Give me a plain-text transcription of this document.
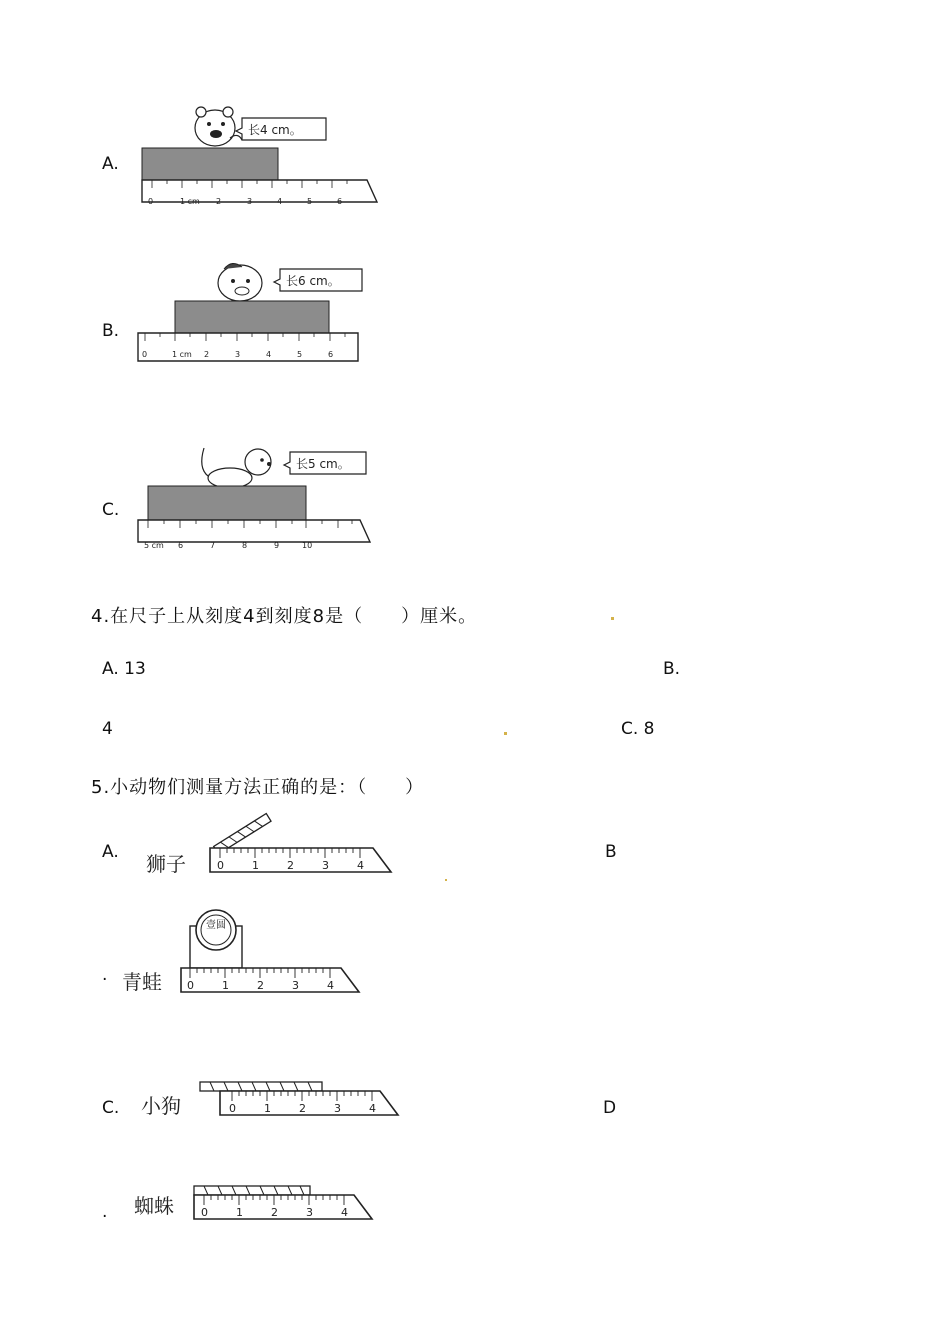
A.
长4 cm。
0	1 cm 2	3	4	5	6
B.
长6 cm。
0	1 cm 2	3	4	5	6
C.
长5 cm。
5 cm 6	7	8	9	10
4.在尺子上从刻度4到刻度8是（　　）厘米。
A. 13	B.
4	C. 8
5.小动物们测量方法正确的是：（　　）
A. 狮子	0	1	2	3	4
B
· 青蛙
壹圆
0	1	2	3	4
C. 小狗	0	1	2	3	4	D
. 蜘蛛 0	1	2	3	4
